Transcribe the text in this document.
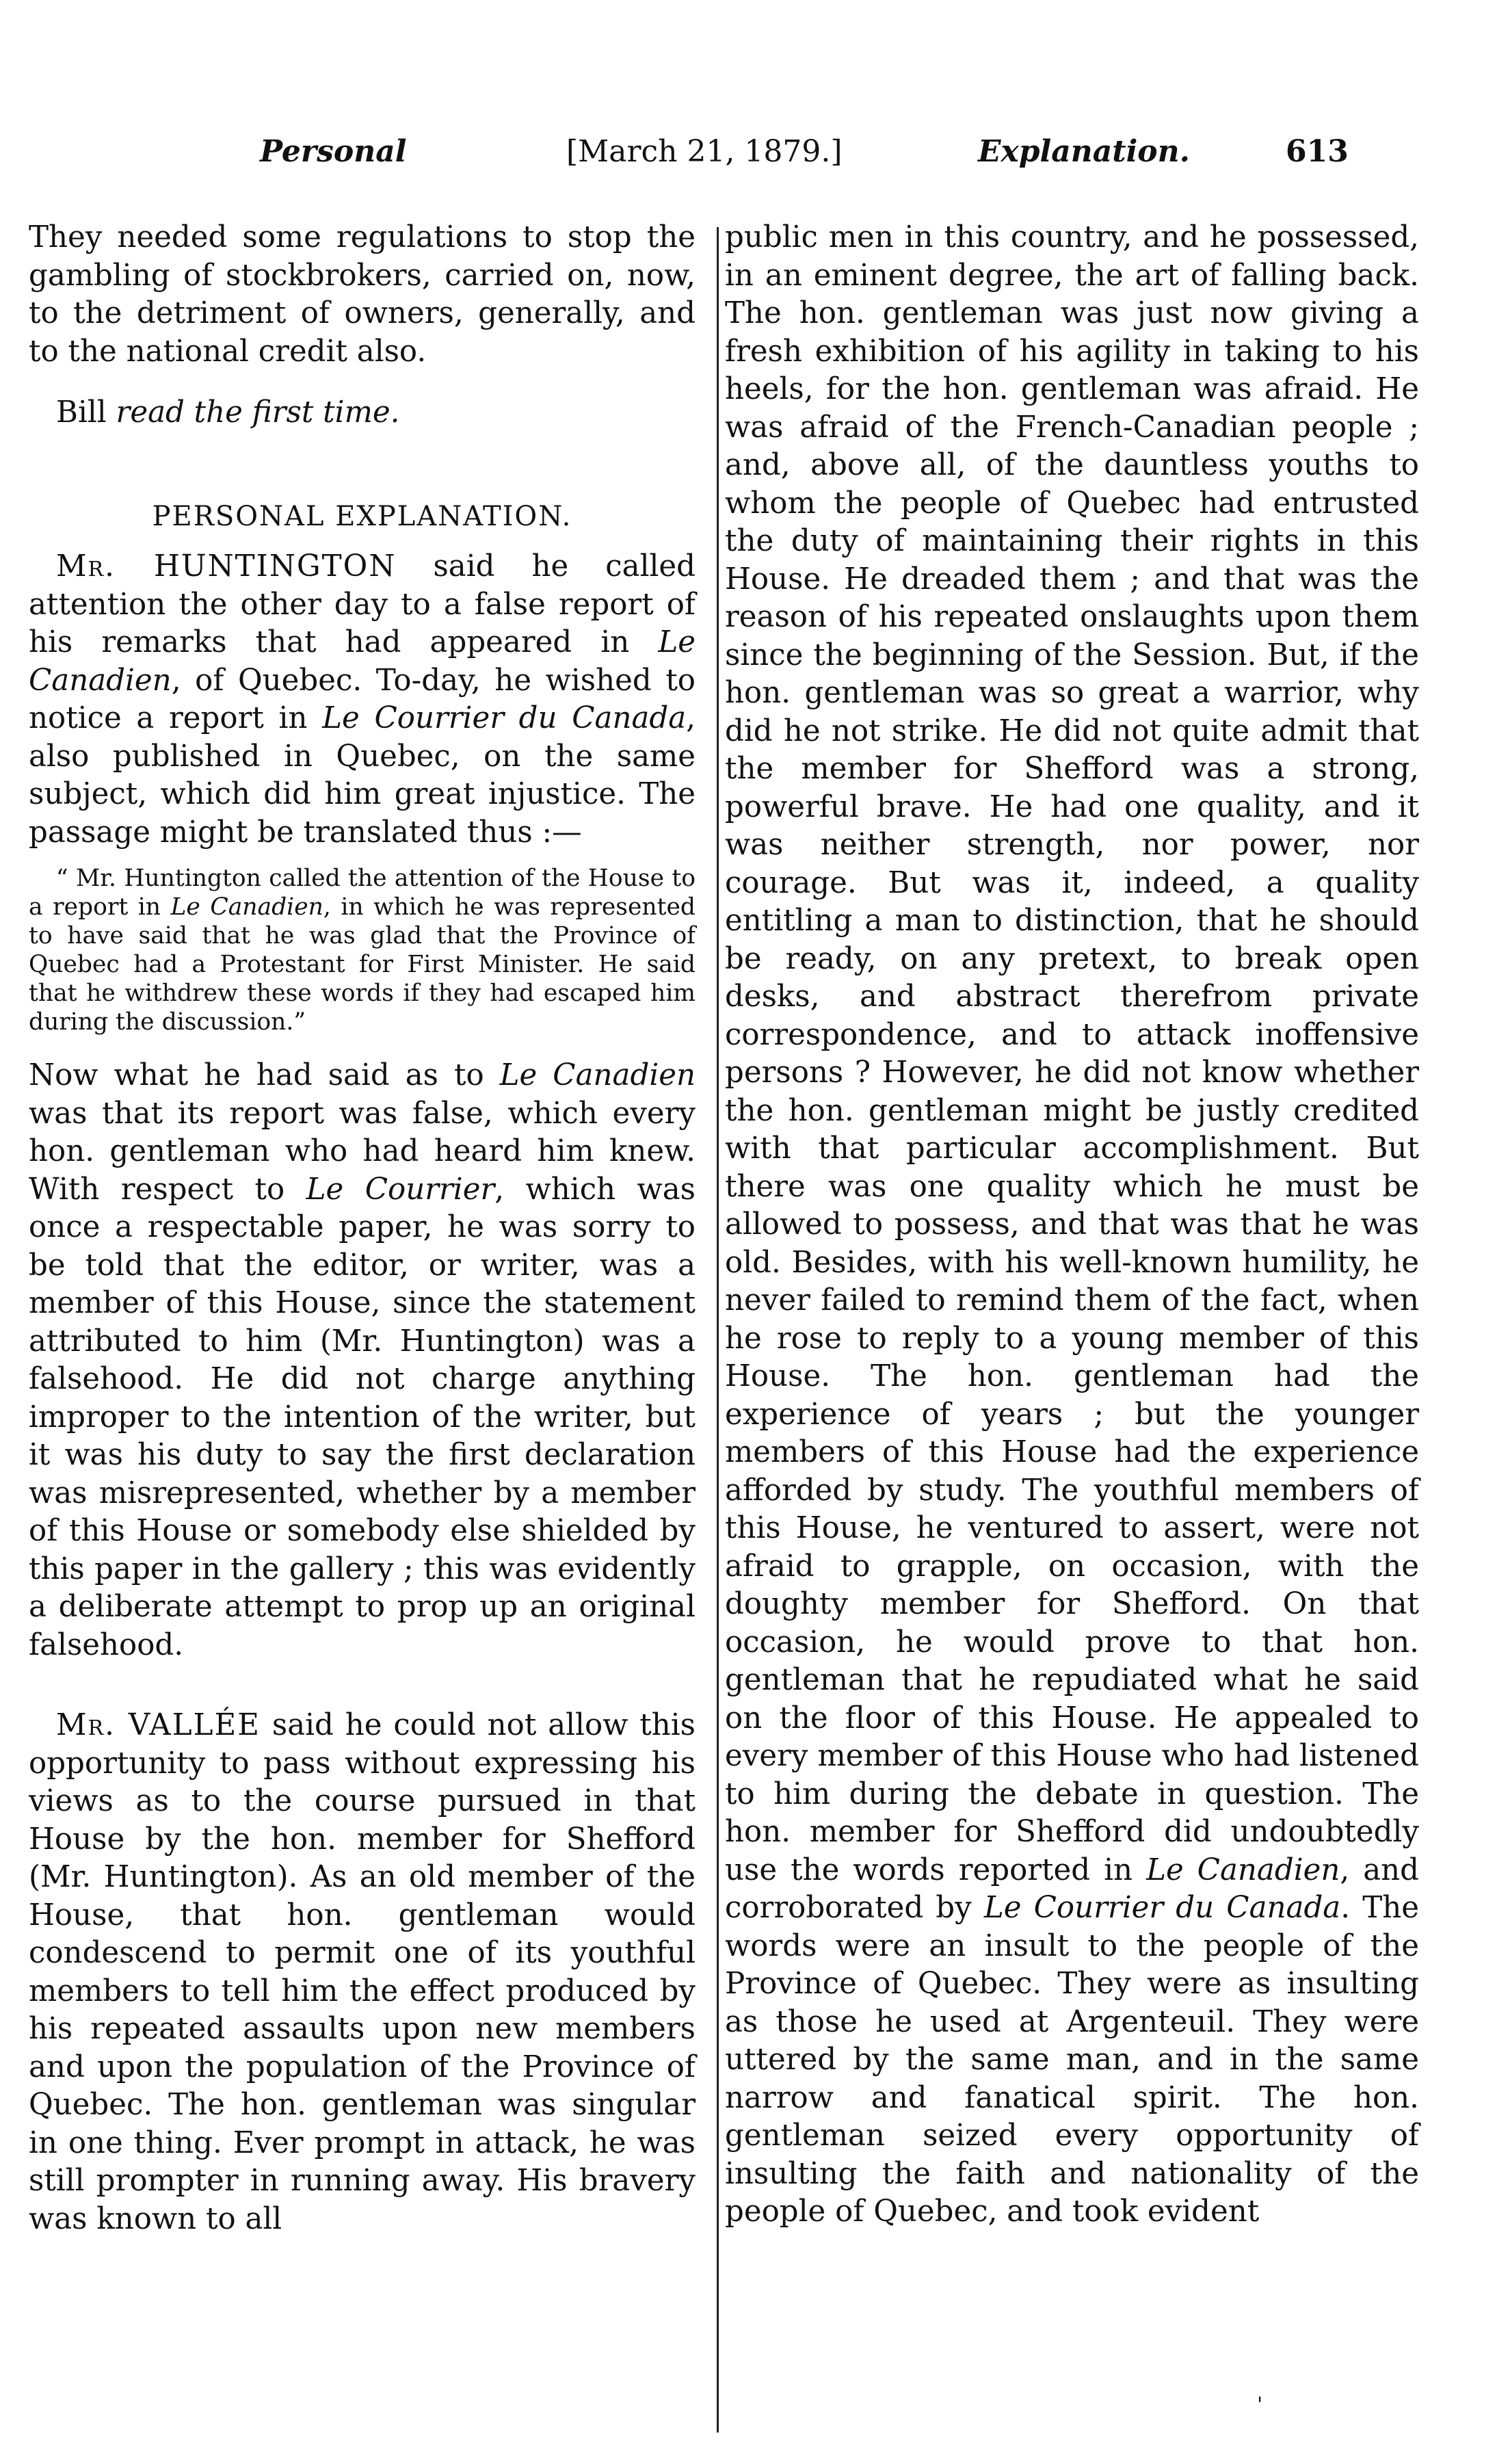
Personal	[March 21, 1879.]	Explanation.	613

They needed some regulations to stop the gambling of stockbrokers, carried on, now, to the detriment of owners, generally, and to the national credit also.

Bill read the first time.

PERSONAL EXPLANATION.

Mr. HUNTINGTON said he called attention the other day to a false report of his remarks that had appeared in Le Canadien, of Quebec. To-day, he wished to notice a report in Le Courrier du Canada, also published in Quebec, on the same subject, which did him great injustice. The passage might be translated thus :—

“ Mr. Huntington called the attention of the House to a report in Le Canadien, in which he was represented to have said that he was glad that the Province of Quebec had a Protestant for First Minister. He said that he withdrew these words if they had escaped him during the discussion.”

Now what he had said as to Le Canadien was that its report was false, which every hon. gentleman who had heard him knew. With respect to Le Courrier, which was once a respectable paper, he was sorry to be told that the editor, or writer, was a member of this House, since the statement attributed to him (Mr. Huntington) was a falsehood. He did not charge anything improper to the intention of the writer, but it was his duty to say the first declaration was misrepresented, whether by a member of this House or somebody else shielded by this paper in the gallery ; this was evidently a deliberate attempt to prop up an original falsehood.

Mr. VALLÉE said he could not allow this opportunity to pass without expressing his views as to the course pursued in that House by the hon. member for Shefford (Mr. Huntington). As an old member of the House, that hon. gentleman would condescend to permit one of its youthful members to tell him the effect produced by his repeated assaults upon new members and upon the population of the Province of Quebec. The hon. gentleman was singular in one thing. Ever prompt in attack, he was still prompter in running away. His bravery was known to all

public men in this country, and he possessed, in an eminent degree, the art of falling back. The hon. gentleman was just now giving a fresh exhibition of his agility in taking to his heels, for the hon. gentleman was afraid. He was afraid of the French-Canadian people ; and, above all, of the dauntless youths to whom the people of Quebec had entrusted the duty of maintaining their rights in this House. He dreaded them ; and that was the reason of his repeated onslaughts upon them since the beginning of the Session. But, if the hon. gentleman was so great a warrior, why did he not strike. He did not quite admit that the member for Shefford was a strong, powerful brave. He had one quality, and it was neither strength, nor power, nor courage. But was it, indeed, a quality entitling a man to distinction, that he should be ready, on any pretext, to break open desks, and abstract therefrom private correspondence, and to attack inoffensive persons ? However, he did not know whether the hon. gentleman might be justly credited with that particular accomplishment. But there was one quality which he must be allowed to possess, and that was that he was old. Besides, with his well-known humility, he never failed to remind them of the fact, when he rose to reply to a young member of this House. The hon. gentleman had the experience of years ; but the younger members of this House had the experience afforded by study. The youthful members of this House, he ventured to assert, were not afraid to grapple, on occasion, with the doughty member for Shefford. On that occasion, he would prove to that hon. gentleman that he repudiated what he said on the floor of this House. He appealed to every member of this House who had listened to him during the debate in question. The hon. member for Shefford did undoubtedly use the words reported in Le Canadien, and corroborated by Le Courrier du Canada. The words were an insult to the people of the Province of Quebec. They were as insulting as those he used at Argenteuil. They were uttered by the same man, and in the same narrow and fanatical spirit. The hon. gentleman seized every opportunity of insulting the faith and nationality of the people of Quebec, and took evident

'
